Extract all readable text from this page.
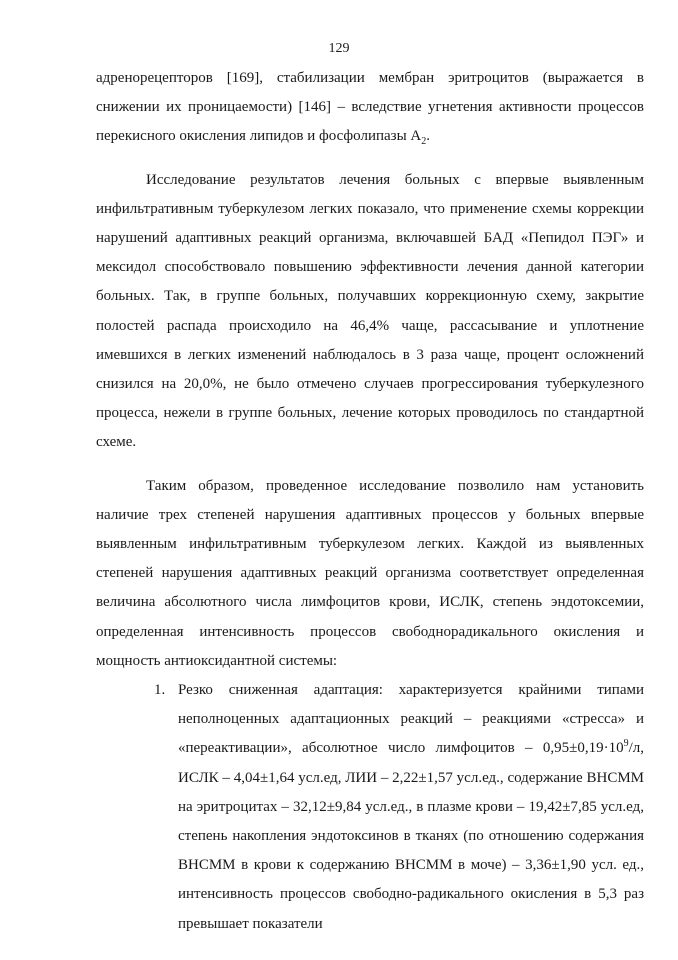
129

адренорецепторов [169], стабилизации мембран эритроцитов (выражается в снижении их проницаемости) [146] – вследствие угнетения активности процессов перекисного окисления липидов и фосфолипазы $А_2$.

Исследование результатов лечения больных с впервые выявленным инфильтративным туберкулезом легких показало, что применение схемы коррекции нарушений адаптивных реакций организма, включавшей БАД «Пепидол ПЭГ» и мексидол способствовало повышению эффективности лечения данной категории больных. Так, в группе больных, получавших коррекционную схему, закрытие полостей распада происходило на 46,4% чаще, рассасывание и уплотнение имевшихся в легких изменений наблюдалось в 3 раза чаще, процент осложнений снизился на 20,0%, не было отмечено случаев прогрессирования туберкулезного процесса, нежели в группе больных, лечение которых проводилось по стандартной схеме.

Таким образом, проведенное исследование позволило нам установить наличие трех степеней нарушения адаптивных процессов у больных впервые выявленным инфильтративным туберкулезом легких. Каждой из выявленных степеней нарушения адаптивных реакций организма соответствует определенная величина абсолютного числа лимфоцитов крови, ИСЛК, степень эндотоксемии, определенная интенсивность процессов свободнорадикального окисления и мощность антиоксидантной системы:

1. Резко сниженная адаптация: характеризуется крайними типами неполноценных адаптационных реакций – реакциями «стресса» и «переактивации», абсолютное число лимфоцитов – $0,95\pm 0,19\cdot 10^9/л$, ИСЛК – 4,04±1,64 усл.ед, ЛИИ – 2,22±1,57 усл.ед., содержание ВНСММ на эритроцитах – 32,12±9,84 усл.ед., в плазме крови – 19,42±7,85 усл.ед, степень накопления эндотоксинов в тканях (по отношению содержания ВНСММ в крови к содержанию ВНСММ в моче) – 3,36±1,90 усл. ед., интенсивность процессов свободно-радикального окисления в 5,3 раз превышает показатели
